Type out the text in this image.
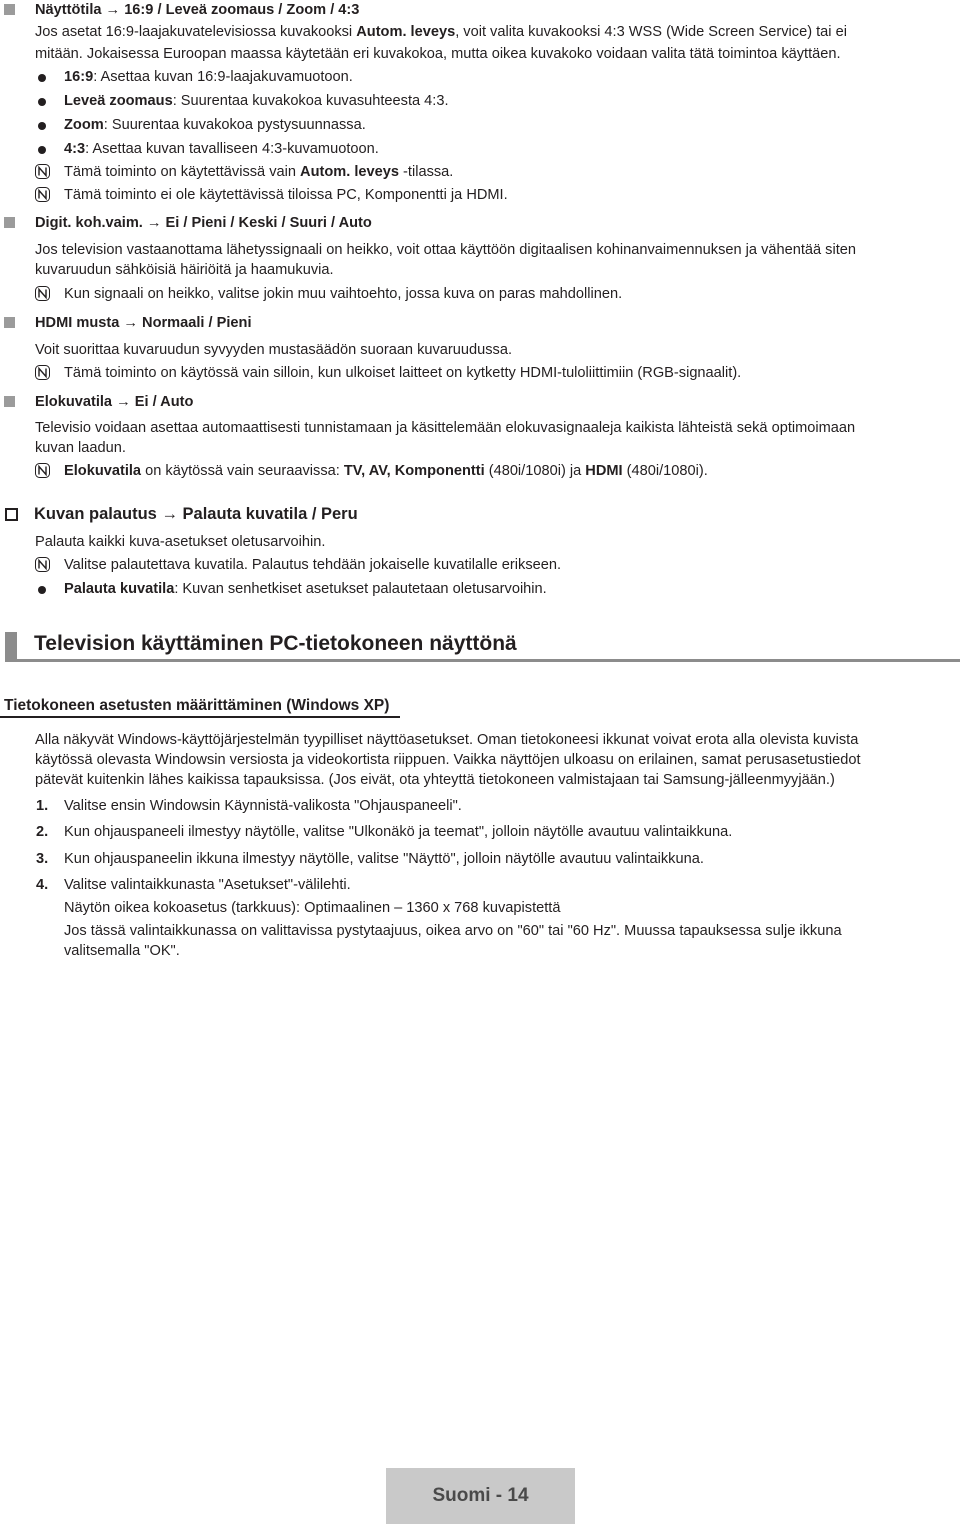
Näyttötila → 16:9 / Leveä zoomaus / Zoom / 4:3
Jos asetat 16:9-laajakuvatelevisiossa kuvakooksi Autom. leveys, voit valita kuvakooksi 4:3 WSS (Wide Screen Service) tai ei
mitään. Jokaisessa Euroopan maassa käytetään eri kuvakokoa, mutta oikea kuvakoko voidaan valita tätä toimintoa käyttäen.
16:9: Asettaa kuvan 16:9-laajakuvamuotoon.
Leveä zoomaus: Suurentaa kuvakokoa kuvasuhteesta 4:3.
Zoom: Suurentaa kuvakokoa pystysuunnassa.
4:3: Asettaa kuvan tavalliseen 4:3-kuvamuotoon.
Tämä toiminto on käytettävissä vain Autom. leveys -tilassa.
Tämä toiminto ei ole käytettävissä tiloissa PC, Komponentti ja HDMI.
Digit. koh.vaim. → Ei / Pieni / Keski / Suuri / Auto
Jos television vastaanottama lähetyssignaali on heikko, voit ottaa käyttöön digitaalisen kohinanvaimennuksen ja vähentää siten
kuvaruudun sähköisiä häiriöitä ja haamukuvia.
Kun signaali on heikko, valitse jokin muu vaihtoehto, jossa kuva on paras mahdollinen.
HDMI musta → Normaali / Pieni
Voit suorittaa kuvaruudun syvyyden mustasäädön suoraan kuvaruudussa.
Tämä toiminto on käytössä vain silloin, kun ulkoiset laitteet on kytketty HDMI-tuloliittimiin (RGB-signaalit).
Elokuvatila → Ei / Auto
Televisio voidaan asettaa automaattisesti tunnistamaan ja käsittelemään elokuvasignaaleja kaikista lähteistä sekä optimoimaan
kuvan laadun.
Elokuvatila on käytössä vain seuraavissa: TV, AV, Komponentti (480i/1080i) ja HDMI (480i/1080i).
Kuvan palautus → Palauta kuvatila / Peru
Palauta kaikki kuva-asetukset oletusarvoihin.
Valitse palautettava kuvatila. Palautus tehdään jokaiselle kuvatilalle erikseen.
Palauta kuvatila: Kuvan senhetkiset asetukset palautetaan oletusarvoihin.
Television käyttäminen PC-tietokoneen näyttönä
Tietokoneen asetusten määrittäminen (Windows XP)
Alla näkyvät Windows-käyttöjärjestelmän tyypilliset näyttöasetukset. Oman tietokoneesi ikkunat voivat erota alla olevista kuvista
käytössä olevasta Windowsin versiosta ja videokortista riippuen. Vaikka näyttöjen ulkoasu on erilainen, samat perusasetustiedot
pätevät kuitenkin lähes kaikissa tapauksissa. (Jos eivät, ota yhteyttä tietokoneen valmistajaan tai Samsung-jälleenmyyjään.)
1. Valitse ensin Windowsin Käynnistä-valikosta "Ohjauspaneeli".
2. Kun ohjauspaneeli ilmestyy näytölle, valitse "Ulkonäkö ja teemat", jolloin näytölle avautuu valintaikkuna.
3. Kun ohjauspaneelin ikkuna ilmestyy näytölle, valitse "Näyttö", jolloin näytölle avautuu valintaikkuna.
4. Valitse valintaikkunasta "Asetukset"-välilehti.
Näytön oikea kokoasetus (tarkkuus): Optimaalinen – 1360 x 768 kuvapistettä
Jos tässä valintaikkunassa on valittavissa pystytaajuus, oikea arvo on "60" tai "60 Hz". Muussa tapauksessa sulje ikkuna
valitsemalla "OK".
Suomi - 14
